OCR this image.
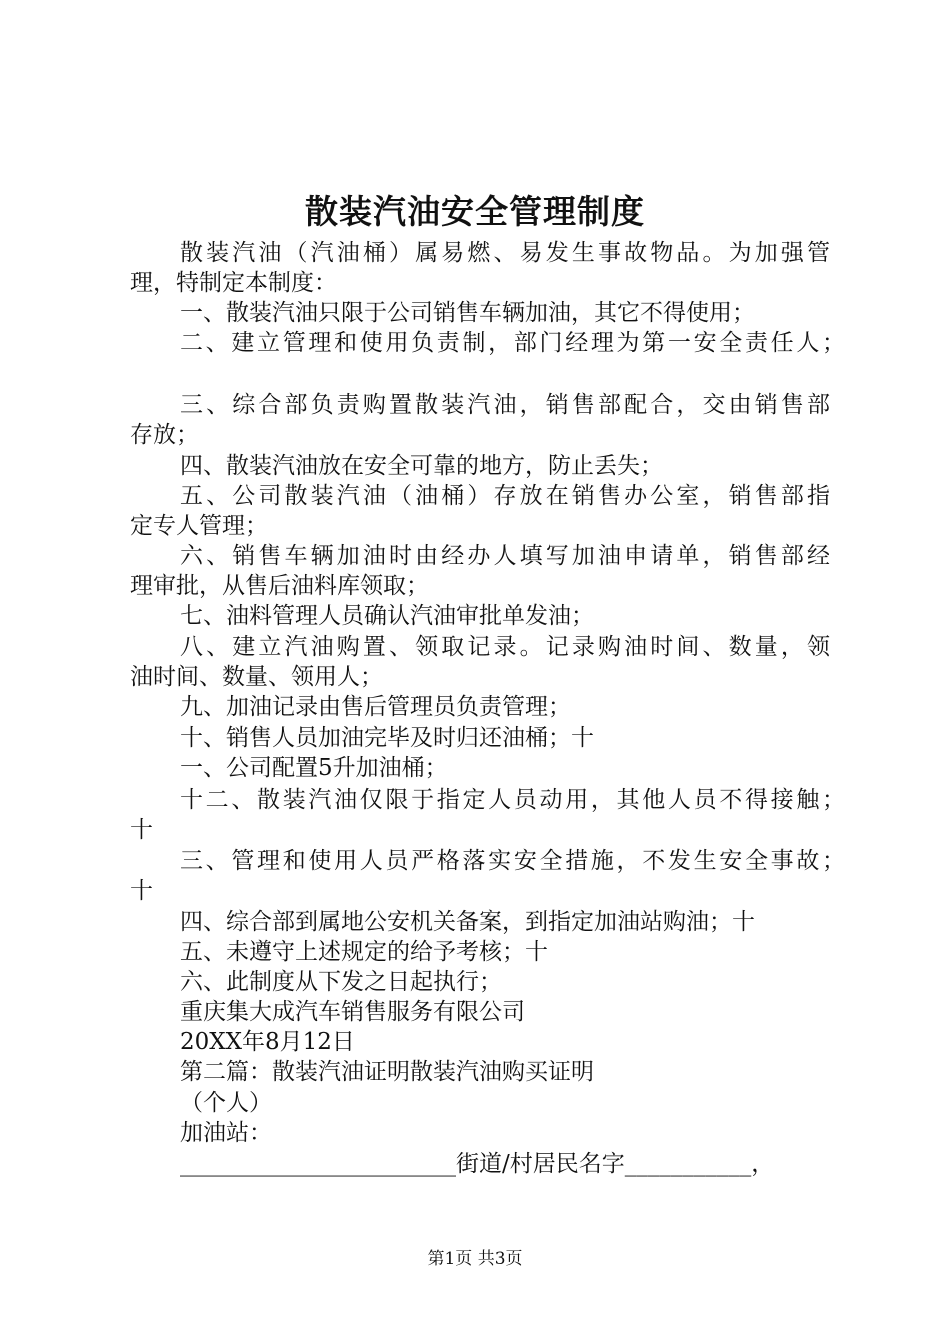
散装汽油安全管理制度
散装汽油（汽油桶）属易燃、易发生事故物品。为加强管
理，特制定本制度：
一、散装汽油只限于公司销售车辆加油，其它不得使用；
二、建立管理和使用负责制，部门经理为第一安全责任人；
三、综合部负责购置散装汽油，销售部配合，交由销售部
存放；
四、散装汽油放在安全可靠的地方，防止丢失；
五、公司散装汽油（油桶）存放在销售办公室，销售部指
定专人管理；
六、销售车辆加油时由经办人填写加油申请单，销售部经
理审批，从售后油料库领取；
七、油料管理人员确认汽油审批单发油；
八、建立汽油购置、领取记录。记录购油时间、数量，领
油时间、数量、领用人；
九、加油记录由售后管理员负责管理；
十、销售人员加油完毕及时归还油桶；十
一、公司配置5升加油桶；
十二、散装汽油仅限于指定人员动用，其他人员不得接触；
十
三、管理和使用人员严格落实安全措施，不发生安全事故；
十
四、综合部到属地公安机关备案，到指定加油站购油；十
五、未遵守上述规定的给予考核；十
六、此制度从下发之日起执行；
重庆集大成汽车销售服务有限公司
20XX年8月12日
第二篇：散装汽油证明散装汽油购买证明
（个人）
加油站：
________________________街道/村居民名字___________，
第1页 共3页
